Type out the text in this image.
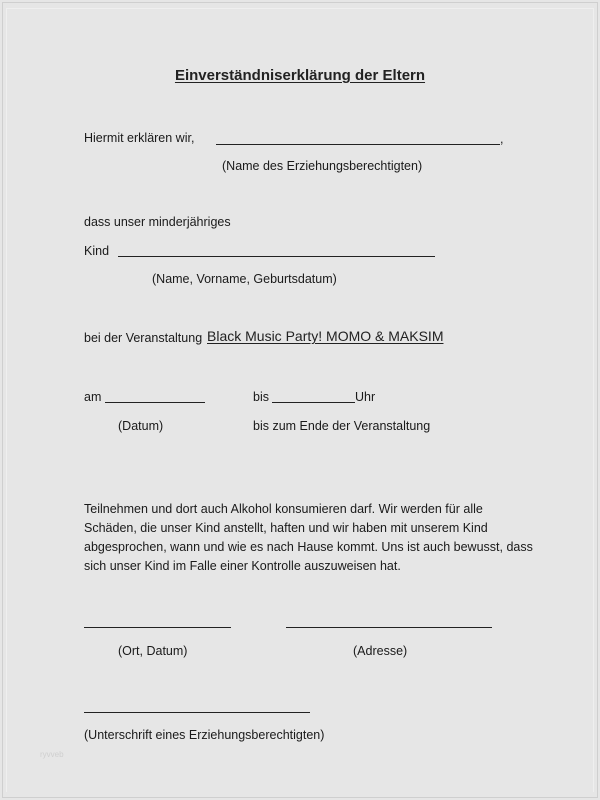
Einverständniserklärung der Eltern
Hiermit erklären wir,	,
(Name des Erziehungsberechtigten)
dass unser minderjähriges
Kind
(Name, Vorname, Geburtsdatum)
bei der Veranstaltung Black Music Party! MOMO & MAKSIM
am	bis	Uhr
(Datum)	bis zum Ende der Veranstaltung
Teilnehmen und dort auch Alkohol konsumieren darf. Wir werden für alle
Schäden, die unser Kind anstellt, haften und wir haben mit unserem Kind
abgesprochen, wann und wie es nach Hause kommt. Uns ist auch bewusst, dass
sich unser Kind im Falle einer Kontrolle auszuweisen hat.
(Ort, Datum)	(Adresse)
(Unterschrift eines Erziehungsberechtigten)
ryvveb
